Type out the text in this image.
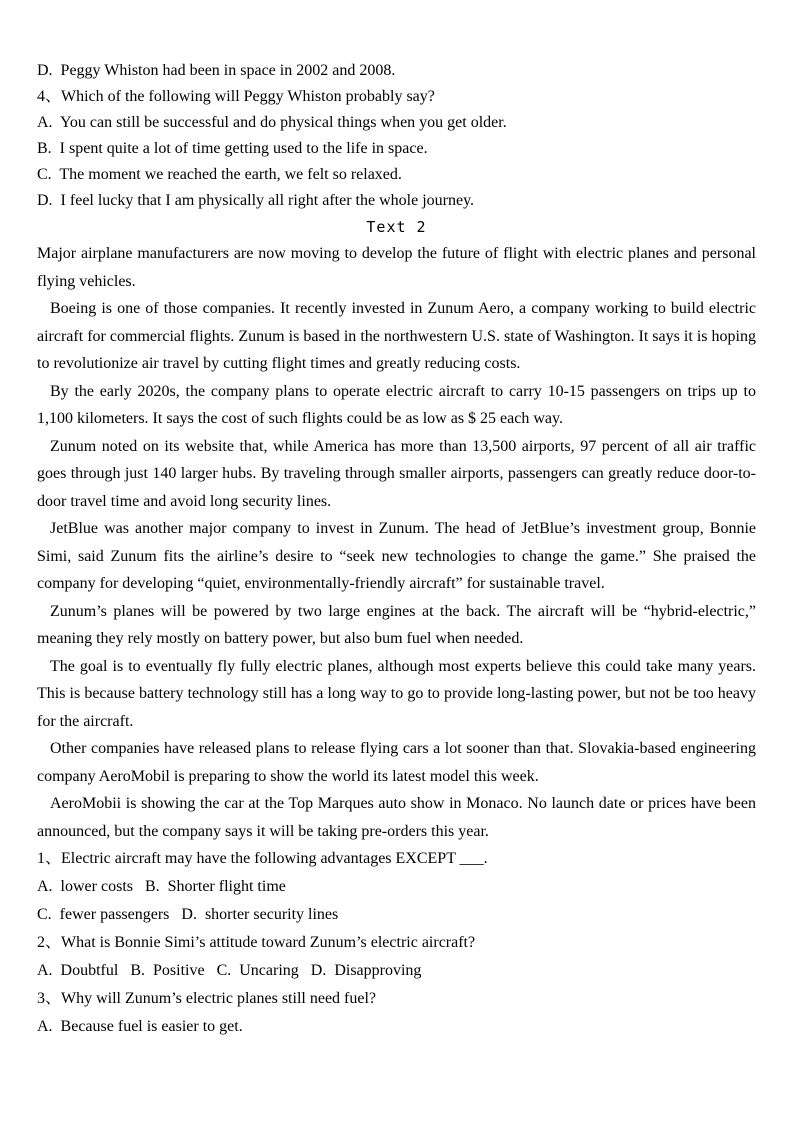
D.  Peggy Whiston had been in space in 2002 and 2008.
4、Which of the following will Peggy Whiston probably say?
A.  You can still be successful and do physical things when you get older.
B.  I spent quite a lot of time getting used to the life in space.
C.  The moment we reached the earth, we felt so relaxed.
D.  I feel lucky that I am physically all right after the whole journey.
Text 2

Major airplane manufacturers are now moving to develop the future of flight with electric planes and personal flying vehicles.

Boeing is one of those companies. It recently invested in Zunum Aero, a company working to build electric aircraft for commercial flights. Zunum is based in the northwestern U.S. state of Washington. It says it is hoping to revolutionize air travel by cutting flight times and greatly reducing costs.

By the early 2020s, the company plans to operate electric aircraft to carry 10-15 passengers on trips up to 1,100 kilometers. It says the cost of such flights could be as low as $ 25 each way.

Zunum noted on its website that, while America has more than 13,500 airports, 97 percent of all air traffic goes through just 140 larger hubs. By traveling through smaller airports, passengers can greatly reduce door-to-door travel time and avoid long security lines.

JetBlue was another major company to invest in Zunum. The head of JetBlue’s investment group, Bonnie Simi, said Zunum fits the airline’s desire to “seek new technologies to change the game.” She praised the company for developing “quiet, environmentally-friendly aircraft” for sustainable travel.

Zunum’s planes will be powered by two large engines at the back. The aircraft will be “hybrid-electric,” meaning they rely mostly on battery power, but also bum fuel when needed.

The goal is to eventually fly fully electric planes, although most experts believe this could take many years. This is because battery technology still has a long way to go to provide long-lasting power, but not be too heavy for the aircraft.

Other companies have released plans to release flying cars a lot sooner than that. Slovakia-based engineering company AeroMobil is preparing to show the world its latest model this week.

AeroMobii is showing the car at the Top Marques auto show in Monaco. No launch date or prices have been announced, but the company says it will be taking pre-orders this year.

1、Electric aircraft may have the following advantages EXCEPT ___.
A.  lower costs   B.  Shorter flight time
C.  fewer passengers   D.  shorter security lines
2、What is Bonnie Simi’s attitude toward Zunum’s electric aircraft?
A.  Doubtful   B.  Positive   C.  Uncaring   D.  Disapproving
3、Why will Zunum’s electric planes still need fuel?
A.  Because fuel is easier to get.
